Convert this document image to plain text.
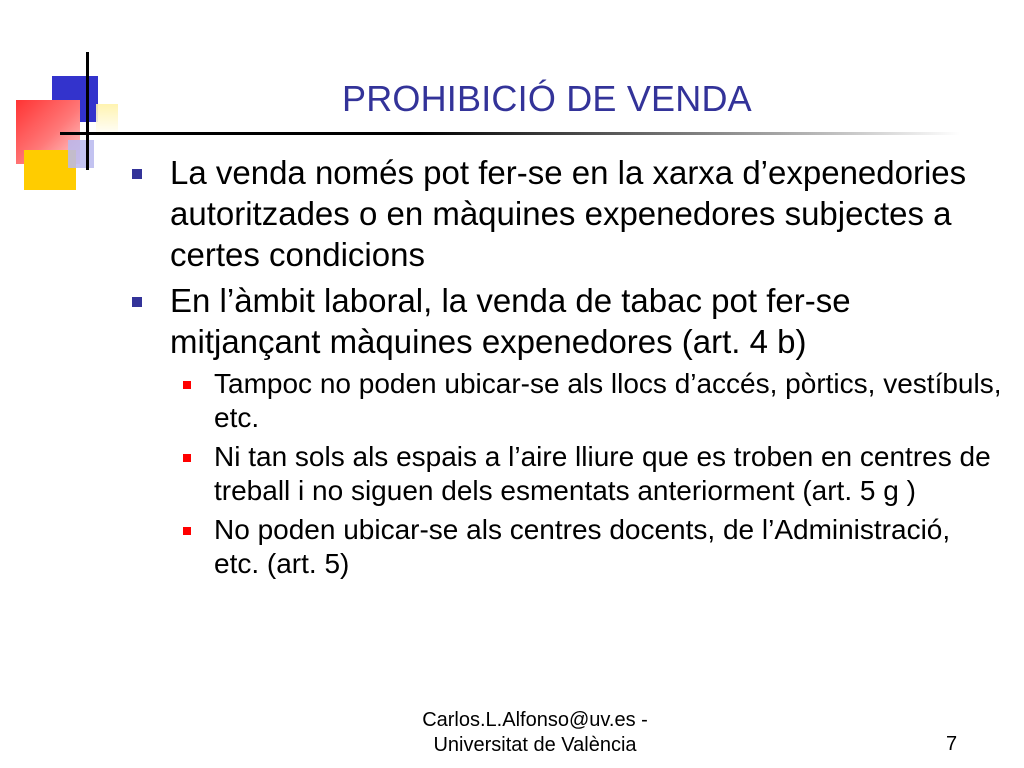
PROHIBICIÓ DE VENDA
La venda només pot fer-se en la xarxa d’expenedories autoritzades o en màquines expenedores subjectes a certes condicions
En l’àmbit laboral, la venda de tabac pot fer-se mitjançant màquines expenedores (art. 4 b)
Tampoc no poden ubicar-se als llocs d’accés, pòrtics, vestíbuls, etc.
Ni tan sols als espais a l’aire lliure que es troben en centres de treball i no siguen dels esmentats anteriorment (art. 5 g )
No poden ubicar-se als centres docents, de l’Administració, etc. (art. 5)
Carlos.L.Alfonso@uv.es -
Universitat de València	7
